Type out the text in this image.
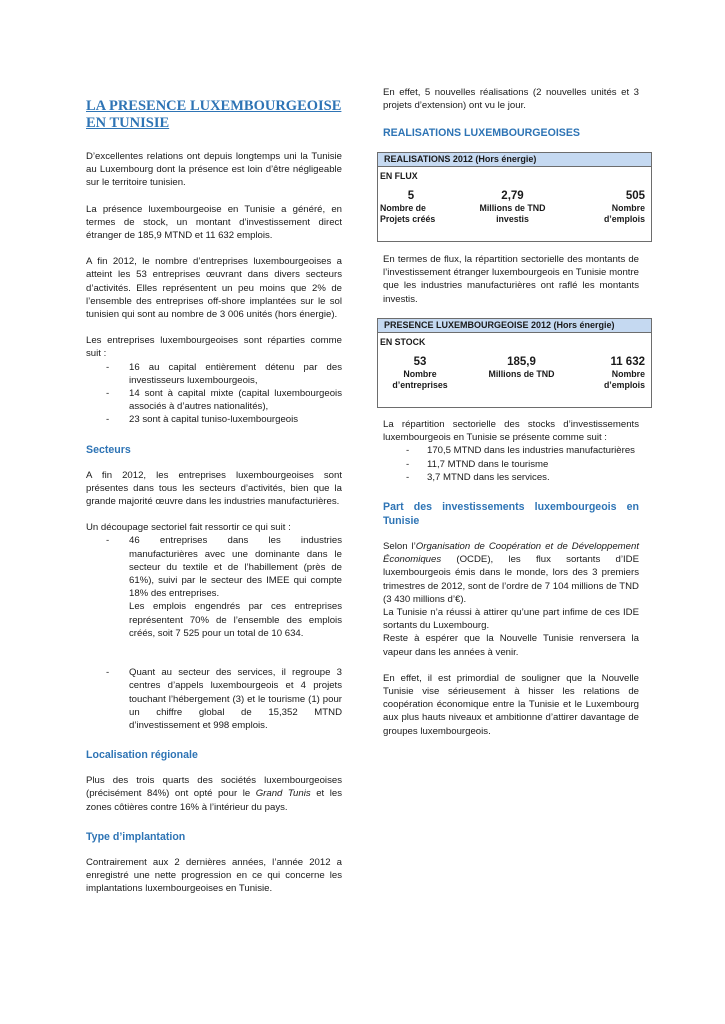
LA PRESENCE LUXEMBOURGEOISE EN TUNISIE

D’excellentes relations ont depuis longtemps uni la Tunisie au Luxembourg dont la présence est loin d’être négligeable sur le territoire tunisien.

La présence luxembourgeoise en Tunisie a généré, en termes de stock, un montant d’investissement direct étranger de 185,9 MTND et 11 632 emplois.

A fin 2012, le nombre d’entreprises luxembourgeoises a atteint les 53 entreprises œuvrant dans divers secteurs d’activités. Elles représentent un peu moins que 2% de l’ensemble des entreprises off-shore implantées sur le sol tunisien qui sont au nombre de 3 006 unités (hors énergie).

Les entreprises luxembourgeoises sont réparties comme suit :

- 16 au capital entièrement détenu par des investisseurs luxembourgeois,
- 14 sont à capital mixte (capital luxembourgeois associés à d’autres nationalités),
- 23 sont à capital tuniso-luxembourgeois
Secteurs

A fin 2012, les entreprises luxembourgeoises sont présentes dans tous les secteurs d’activités, bien que la grande majorité œuvre dans les industries manufacturières.

Un découpage sectoriel fait ressortir ce qui suit :

- 46 entreprises dans les industries manufacturières avec une dominante dans le secteur du textile et de l’habillement (près de 61%), suivi par le secteur des IMEE qui compte 18% des entreprises.

Les emplois engendrés par ces entreprises représentent 70% de l’ensemble des emplois créés, soit 7 525 pour un total de 10 634.

- Quant au secteur des services, il regroupe 3 centres d’appels luxembourgeois et 4 projets touchant l’hébergement (3) et le tourisme (1) pour un chiffre global de 15,352 MTND d’investissement et 998 emplois.
Localisation régionale

Plus des trois quarts des sociétés luxembourgeoises (précisément 84%) ont opté pour le Grand Tunis et les zones côtières contre 16% à l’intérieur du pays.

Type d’implantation

Contrairement aux 2 dernières années, l’année 2012 a enregistré une nette progression en ce qui concerne les implantations luxembourgeoises en Tunisie.

En effet, 5 nouvelles réalisations (2 nouvelles unités et 3 projets d’extension) ont vu le jour.

REALISATIONS LUXEMBOURGEOISES

En termes de flux, la répartition sectorielle des montants de l’investissement étranger luxembourgeois en Tunisie montre que les industries manufacturières ont raflé les montants investis.

La répartition sectorielle des stocks d’investissements luxembourgeois en Tunisie se présente comme suit :

- 170,5 MTND dans les industries manufacturières
- 11,7 MTND dans le tourisme
- 3,7 MTND dans les services.
Part des investissements luxembourgeois en Tunisie

Selon l’Organisation de Coopération et de Développement Économiques (OCDE), les flux sortants d’IDE luxembourgeois émis dans le monde, lors des 3 premiers trimestres de 2012, sont de l’ordre de 7 104 millions de TND (3 430 millions d’€).

La Tunisie n’a réussi à attirer qu’une part infime de ces IDE sortants du Luxembourg.

Reste à espérer que la Nouvelle Tunisie renversera la vapeur dans les années à venir.

En effet, il est primordial de souligner que la Nouvelle Tunisie vise sérieusement à hisser les relations de coopération économique entre la Tunisie et le Luxembourg aux plus hauts niveaux et ambitionne d’attirer davantage de groupes luxembourgeois.

REALISATIONS 2012 (Hors énergie)
EN FLUX
5
Nombre de
Projets créés
2,79
Millions de TND
investis
505
Nombre
d’emplois
PRESENCE LUXEMBOURGEOISE 2012 (Hors énergie)
EN STOCK
53
Nombre
d’entreprises
185,9
Millions de TND
11 632
Nombre
d’emplois
